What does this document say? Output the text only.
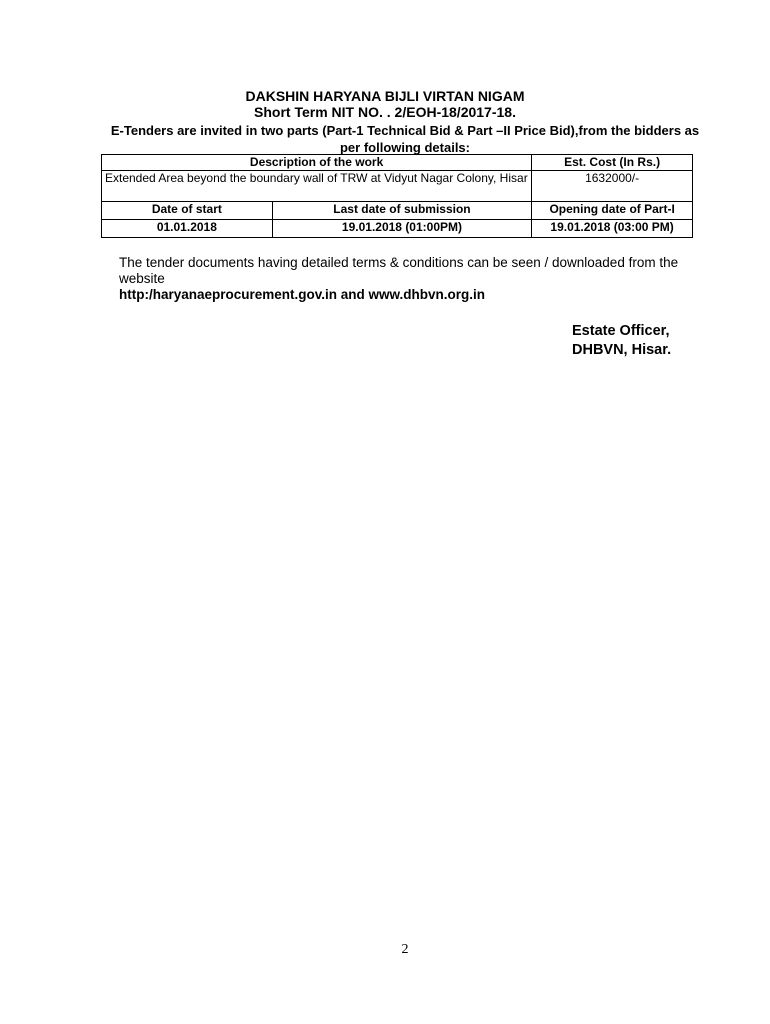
DAKSHIN HARYANA BIJLI VIRTAN NIGAM
Short Term NIT NO. . 2/EOH-18/2017-18.
E-Tenders are invited in two parts (Part-1 Technical Bid & Part –II Price Bid),from the bidders as per following details:
Description of the work		Est. Cost (In Rs.)
Extended Area beyond the boundary wall of TRW at Vidyut Nagar Colony, Hisar		1632000/-
Date of start	Last date of submission	Opening date of Part-I
01.01.2018	19.01.2018 (01:00PM)	19.01.2018 (03:00 PM)
The tender documents having detailed terms & conditions can be seen / downloaded from the website
http:/haryanaeprocurement.gov.in and www.dhbvn.org.in
Estate Officer,
DHBVN, Hisar.
2
